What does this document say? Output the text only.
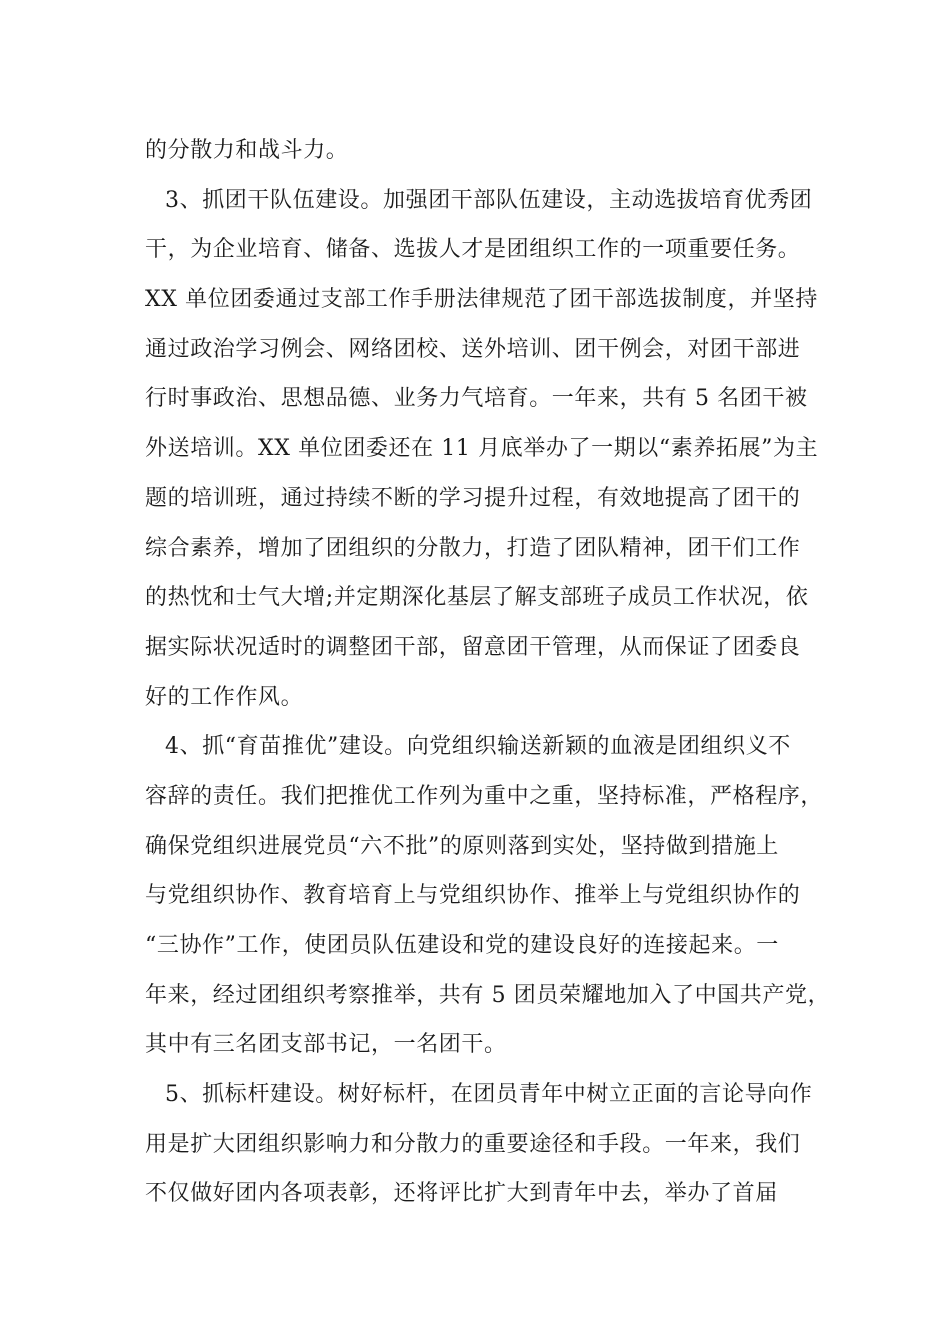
的分散力和战斗力。
3、抓团干队伍建设。加强团干部队伍建设，主动选拔培育优秀团
干，为企业培育、储备、选拔人才是团组织工作的一项重要任务。
XX 单位团委通过支部工作手册法律规范了团干部选拔制度，并坚持
通过政治学习例会、网络团校、送外培训、团干例会，对团干部进
行时事政治、思想品德、业务力气培育。一年来，共有 5 名团干被
外送培训。XX 单位团委还在 11 月底举办了一期以“素养拓展”为主
题的培训班，通过持续不断的学习提升过程，有效地提高了团干的
综合素养，增加了团组织的分散力，打造了团队精神，团干们工作
的热忱和士气大增;并定期深化基层了解支部班子成员工作状况，依
据实际状况适时的调整团干部，留意团干管理，从而保证了团委良
好的工作作风。
4、抓“育苗推优”建设。向党组织输送新颖的血液是团组织义不
容辞的责任。我们把推优工作列为重中之重，坚持标准，严格程序，
确保党组织进展党员“六不批”的原则落到实处，坚持做到措施上
与党组织协作、教育培育上与党组织协作、推举上与党组织协作的
“三协作”工作，使团员队伍建设和党的建设良好的连接起来。一
年来，经过团组织考察推举，共有 5 团员荣耀地加入了中国共产党，
其中有三名团支部书记，一名团干。
5、抓标杆建设。树好标杆，在团员青年中树立正面的言论导向作
用是扩大团组织影响力和分散力的重要途径和手段。一年来，我们
不仅做好团内各项表彰，还将评比扩大到青年中去，举办了首届
